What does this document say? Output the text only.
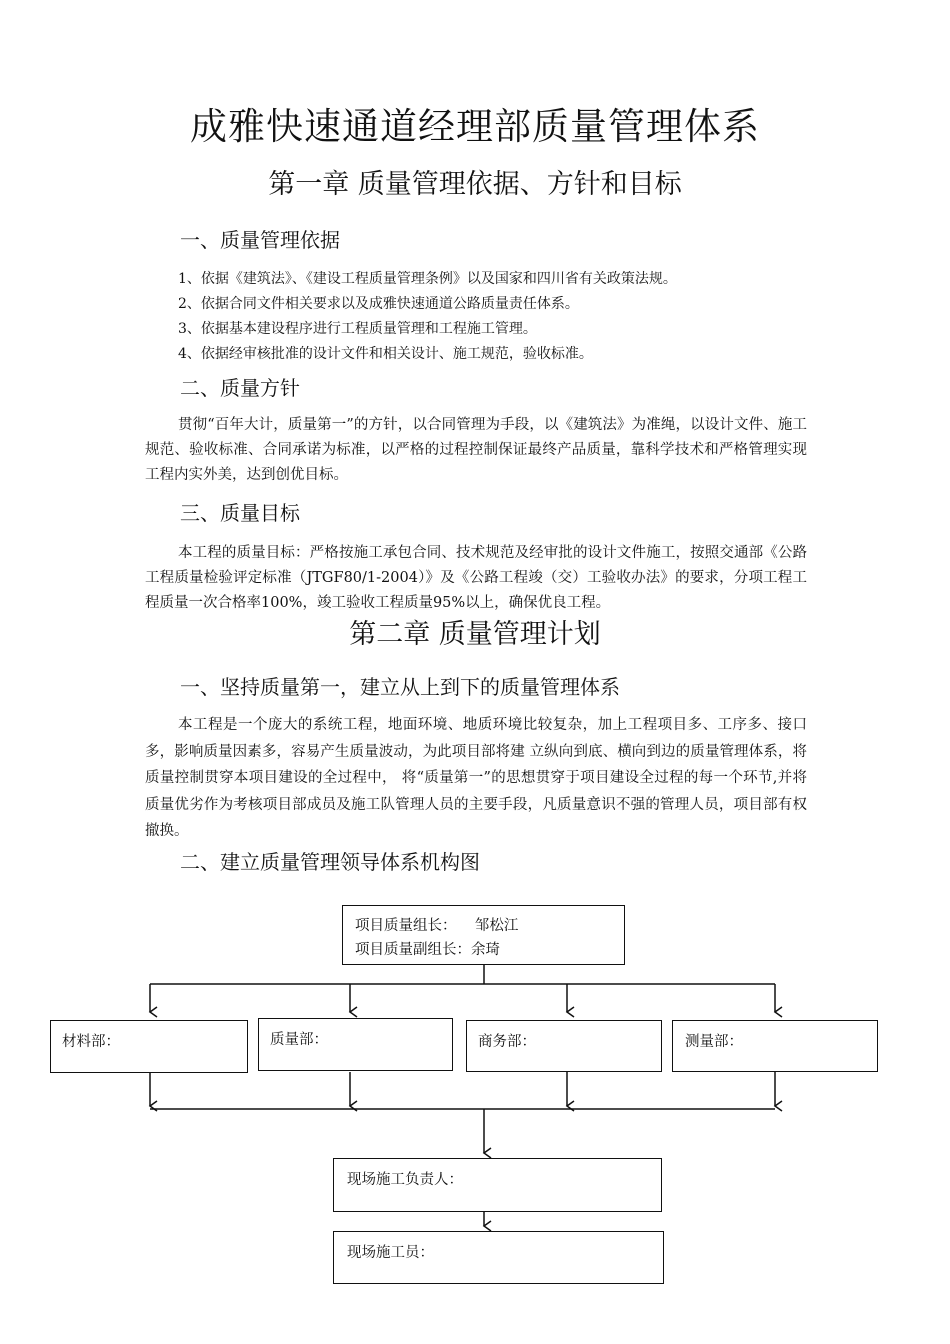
成雅快速通道经理部质量管理体系
第一章 质量管理依据、方针和目标
一、质量管理依据
1、依据《建筑法》、《建设工程质量管理条例》以及国家和四川省有关政策法规。
2、依据合同文件相关要求以及成雅快速通道公路质量责任体系。
3、依据基本建设程序进行工程质量管理和工程施工管理。
4、依据经审核批准的设计文件和相关设计、施工规范，验收标准。
二、质量方针
贯彻“百年大计，质量第一”的方针，以合同管理为手段，以《建筑法》为准绳，以设计文件、施工规范、验收标准、合同承诺为标准，以严格的过程控制保证最终产品质量，靠科学技术和严格管理实现工程内实外美，达到创优目标。
三、质量目标
本工程的质量目标：严格按施工承包合同、技术规范及经审批的设计文件施工，按照交通部《公路工程质量检验评定标准（JTGF80/1-2004）》及《公路工程竣（交）工验收办法》的要求，分项工程工程质量一次合格率100%，竣工验收工程质量95%以上，确保优良工程。
第二章 质量管理计划
一、坚持质量第一，建立从上到下的质量管理体系
本工程是一个庞大的系统工程，地面环境、地质环境比较复杂，加上工程项目多、工序多、接口多，影响质量因素多，容易产生质量波动，为此项目部将建 立纵向到底、横向到边的质量管理体系，将质量控制贯穿本项目建设的全过程中， 将“质量第一”的思想贯穿于项目建设全过程的每一个环节,并将质量优劣作为考核项目部成员及施工队管理人员的主要手段，凡质量意识不强的管理人员，项目部有权撤换。
二、建立质量管理领导体系机构图
项目质量组长：    邹松江
项目质量副组长：余琦
材料部：	质量部：	商务部：	测量部：
现场施工负责人：
现场施工员：
